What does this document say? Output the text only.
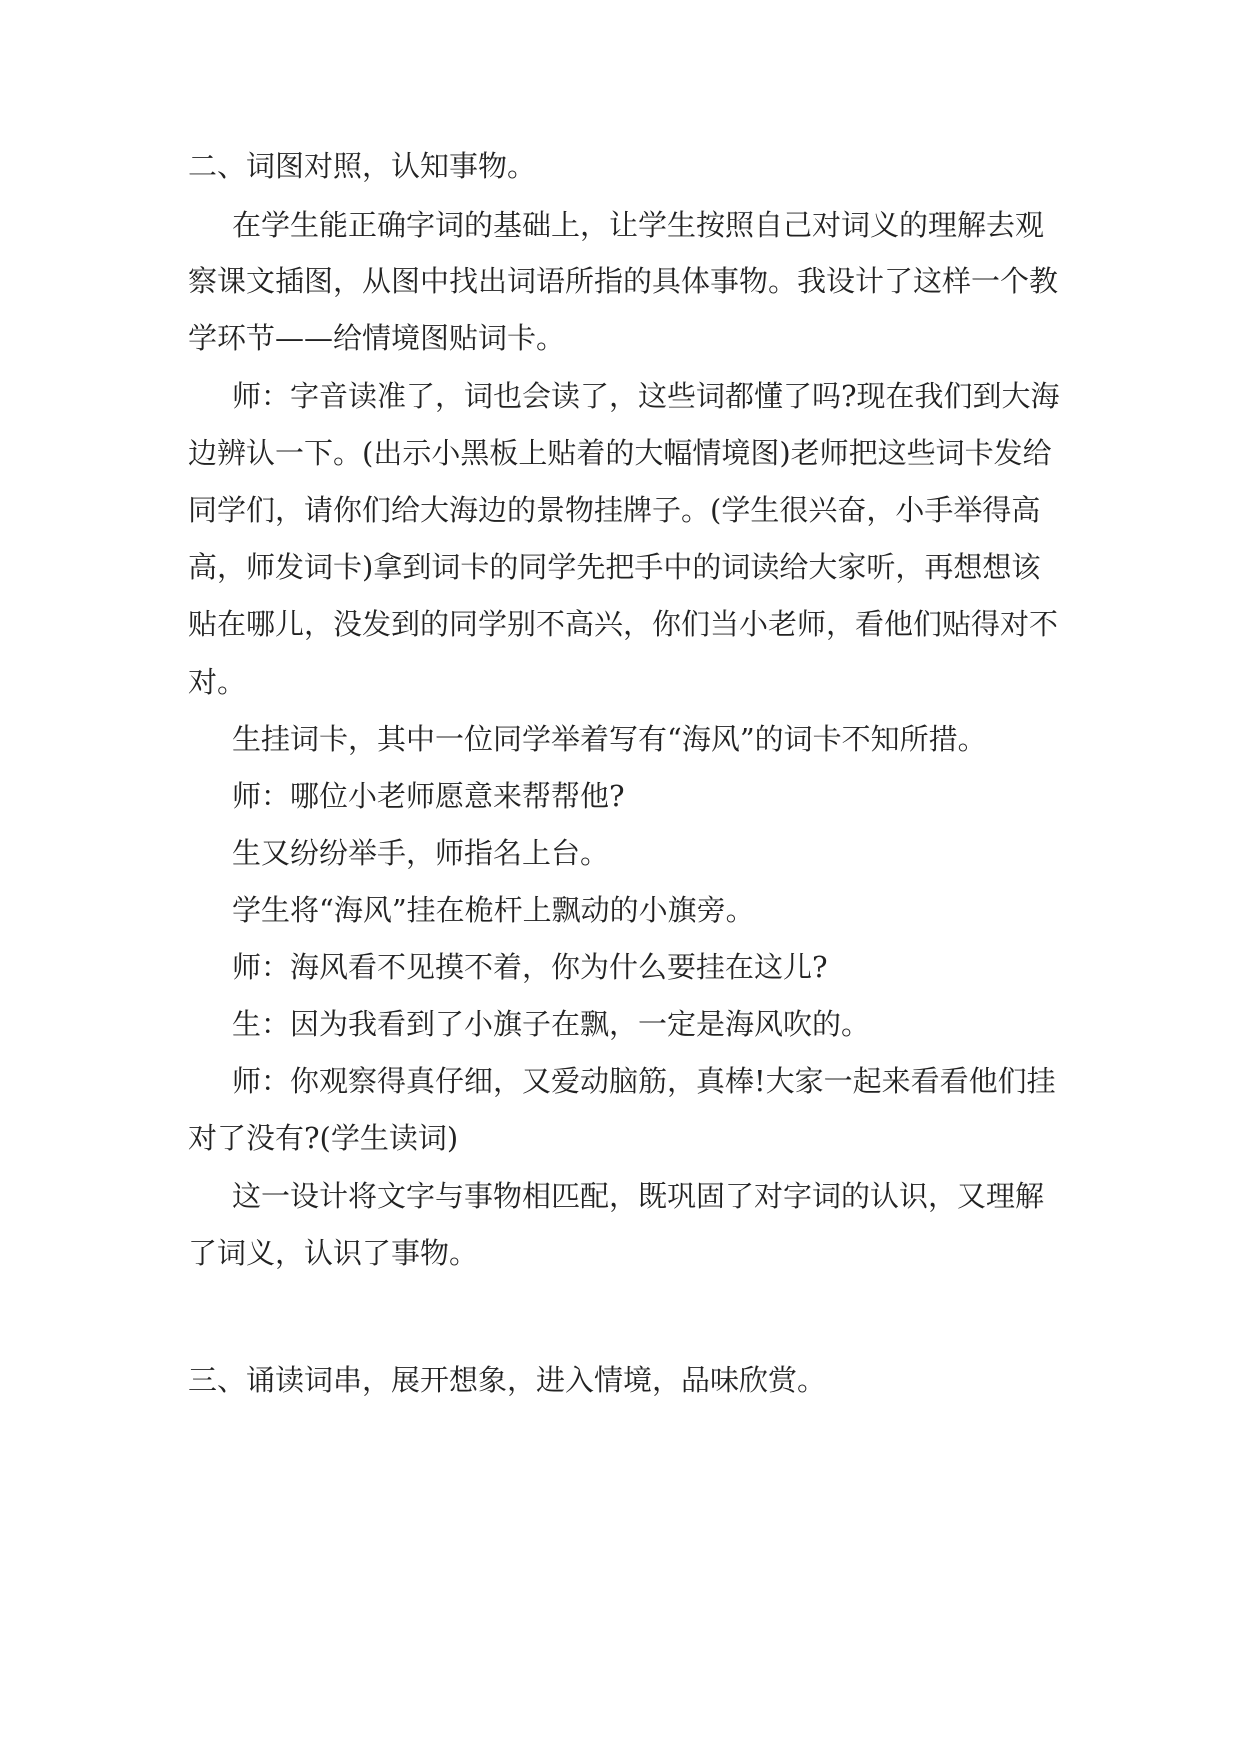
二、词图对照，认知事物。
在学生能正确字词的基础上，让学生按照自己对词义的理解去观
察课文插图，从图中找出词语所指的具体事物。我设计了这样一个教
学环节——给情境图贴词卡。
师：字音读准了，词也会读了，这些词都懂了吗?现在我们到大海
边辨认一下。(出示小黑板上贴着的大幅情境图)老师把这些词卡发给
同学们，请你们给大海边的景物挂牌子。(学生很兴奋，小手举得高
高，师发词卡)拿到词卡的同学先把手中的词读给大家听，再想想该
贴在哪儿，没发到的同学别不高兴，你们当小老师，看他们贴得对不
对。
生挂词卡，其中一位同学举着写有“海风”的词卡不知所措。
师：哪位小老师愿意来帮帮他?
生又纷纷举手，师指名上台。
学生将“海风”挂在桅杆上飘动的小旗旁。
师：海风看不见摸不着，你为什么要挂在这儿?
生：因为我看到了小旗子在飘，一定是海风吹的。
师：你观察得真仔细，又爱动脑筋，真棒!大家一起来看看他们挂
对了没有?(学生读词)
这一设计将文字与事物相匹配，既巩固了对字词的认识，又理解
了词义，认识了事物。
三、诵读词串，展开想象，进入情境，品味欣赏。
